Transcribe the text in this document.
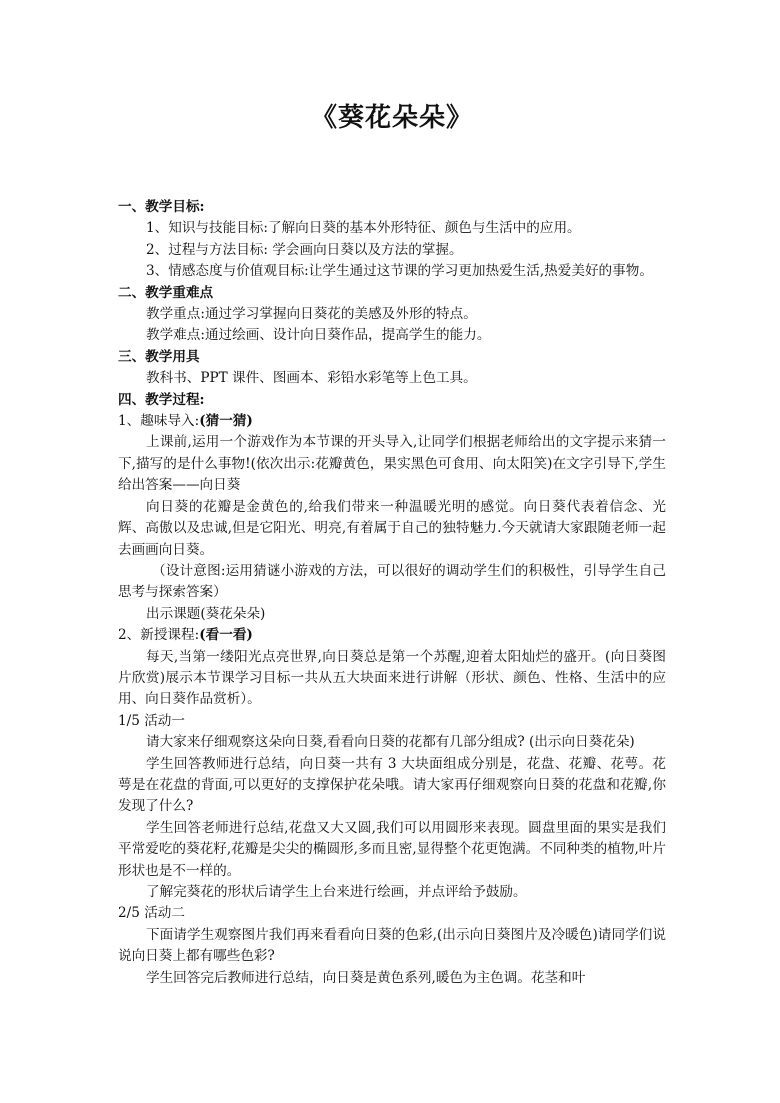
《葵花朵朵》
一、教学目标:
1、知识与技能目标:了解向日葵的基本外形特征、颜色与生活中的应用。
2、过程与方法目标: 学会画向日葵以及方法的掌握。
3、情感态度与价值观目标:让学生通过这节课的学习更加热爱生活,热爱美好的事物。
二、教学重难点
教学重点:通过学习掌握向日葵花的美感及外形的特点。
教学难点:通过绘画、设计向日葵作品，提高学生的能力。
三、教学用具
教科书、PPT 课件、图画本、彩铅水彩笔等上色工具。
四、教学过程:
1、趣味导入:(猜一猜)
上课前,运用一个游戏作为本节课的开头导入,让同学们根据老师给出的文字提示来猜一下,描写的是什么事物!(依次出示:花瓣黄色，果实黑色可食用、向太阳笑)在文字引导下,学生给出答案——向日葵
向日葵的花瓣是金黄色的,给我们带来一种温暖光明的感觉。向日葵代表着信念、光辉、高傲以及忠诚,但是它阳光、明亮,有着属于自己的独特魅力.今天就请大家跟随老师一起去画画向日葵。
（设计意图:运用猜谜小游戏的方法，可以很好的调动学生们的积极性，引导学生自己思考与探索答案）
出示课题(葵花朵朵)
2、新授课程:(看一看)
每天,当第一缕阳光点亮世界,向日葵总是第一个苏醒,迎着太阳灿烂的盛开。(向日葵图片欣赏)展示本节课学习目标一共从五大块面来进行讲解（形状、颜色、性格、生活中的应用、向日葵作品赏析）。
1/5 活动一
请大家来仔细观察这朵向日葵,看看向日葵的花都有几部分组成? (出示向日葵花朵)
学生回答教师进行总结，向日葵一共有 3 大块面组成分别是，花盘、花瓣、花萼。花萼是在花盘的背面,可以更好的支撑保护花朵哦。请大家再仔细观察向日葵的花盘和花瓣,你发现了什么?
学生回答老师进行总结,花盘又大又圆,我们可以用圆形来表现。圆盘里面的果实是我们平常爱吃的葵花籽,花瓣是尖尖的椭圆形,多而且密,显得整个花更饱满。不同种类的植物,叶片形状也是不一样的。
了解完葵花的形状后请学生上台来进行绘画，并点评给予鼓励。
2/5 活动二
下面请学生观察图片我们再来看看向日葵的色彩,(出示向日葵图片及冷暖色)请同学们说说向日葵上都有哪些色彩?
学生回答完后教师进行总结，向日葵是黄色系列,暖色为主色调。花茎和叶
